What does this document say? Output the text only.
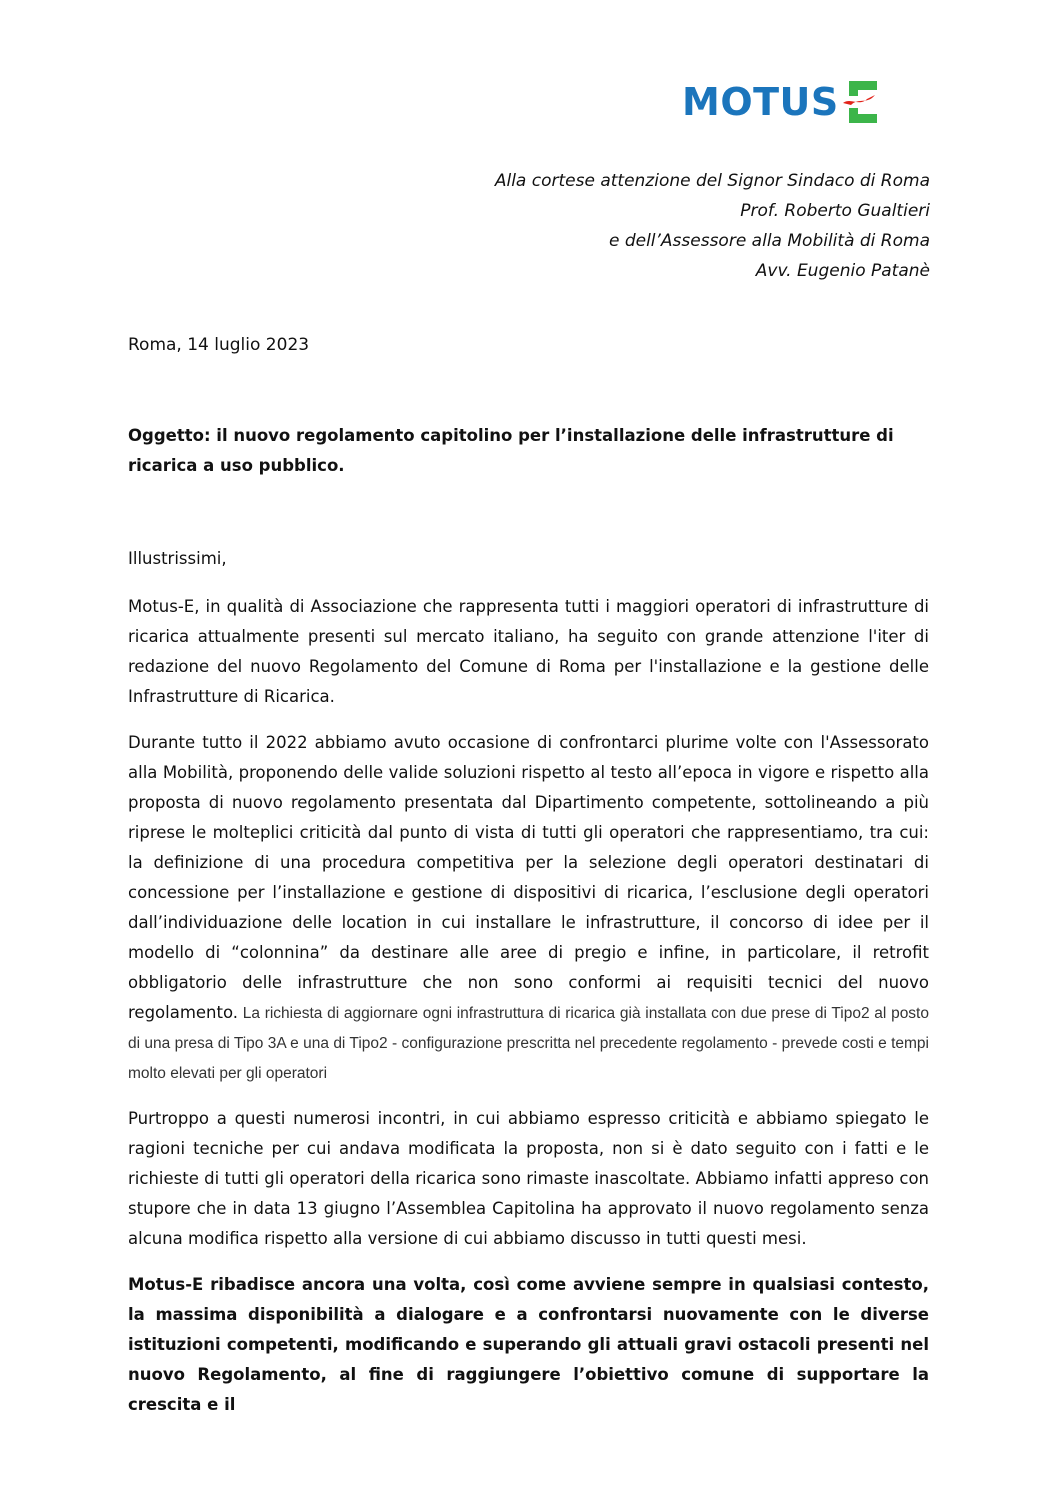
MOTUS
Alla cortese attenzione del Signor Sindaco di Roma
Prof. Roberto Gualtieri
e dell’Assessore alla Mobilità di Roma
Avv. Eugenio Patanè
Roma, 14 luglio 2023
Oggetto: il nuovo regolamento capitolino per l’installazione delle infrastrutture di ricarica a uso pubblico.

Illustrissimi,

Motus-E, in qualità di Associazione che rappresenta tutti i maggiori operatori di infrastrutture di ricarica attualmente presenti sul mercato italiano, ha seguito con grande attenzione l'iter di redazione del nuovo Regolamento del Comune di Roma per l'installazione e la gestione delle Infrastrutture di Ricarica.

Durante tutto il 2022 abbiamo avuto occasione di confrontarci plurime volte con l'Assessorato alla Mobilità, proponendo delle valide soluzioni rispetto al testo all’epoca in vigore e rispetto alla proposta di nuovo regolamento presentata dal Dipartimento competente, sottolineando a più riprese le molteplici criticità dal punto di vista di tutti gli operatori che rappresentiamo, tra cui: la definizione di una procedura competitiva per la selezione degli operatori destinatari di concessione per l’installazione e gestione di dispositivi di ricarica, l’esclusione degli operatori dall’individuazione delle location in cui installare le infrastrutture, il concorso di idee per il modello di “colonnina” da destinare alle aree di pregio e infine, in particolare, il retrofit obbligatorio delle infrastrutture che non sono conformi ai requisiti tecnici del nuovo regolamento. La richiesta di aggiornare ogni infrastruttura di ricarica già installata con due prese di Tipo2 al posto di una presa di Tipo 3A e una di Tipo2 - configurazione prescritta nel precedente regolamento - prevede costi e tempi molto elevati per gli operatori

Purtroppo a questi numerosi incontri, in cui abbiamo espresso criticità e abbiamo spiegato le ragioni tecniche per cui andava modificata la proposta, non si è dato seguito con i fatti e le richieste di tutti gli operatori della ricarica sono rimaste inascoltate. Abbiamo infatti appreso con stupore che in data 13 giugno l’Assemblea Capitolina ha approvato il nuovo regolamento senza alcuna modifica rispetto alla versione di cui abbiamo discusso in tutti questi mesi.

Motus-E ribadisce ancora una volta, così come avviene sempre in qualsiasi contesto, la massima disponibilità a dialogare e a confrontarsi nuovamente con le diverse istituzioni competenti, modificando e superando gli attuali gravi ostacoli presenti nel nuovo Regolamento, al fine di raggiungere l’obiettivo comune di supportare la crescita e il
